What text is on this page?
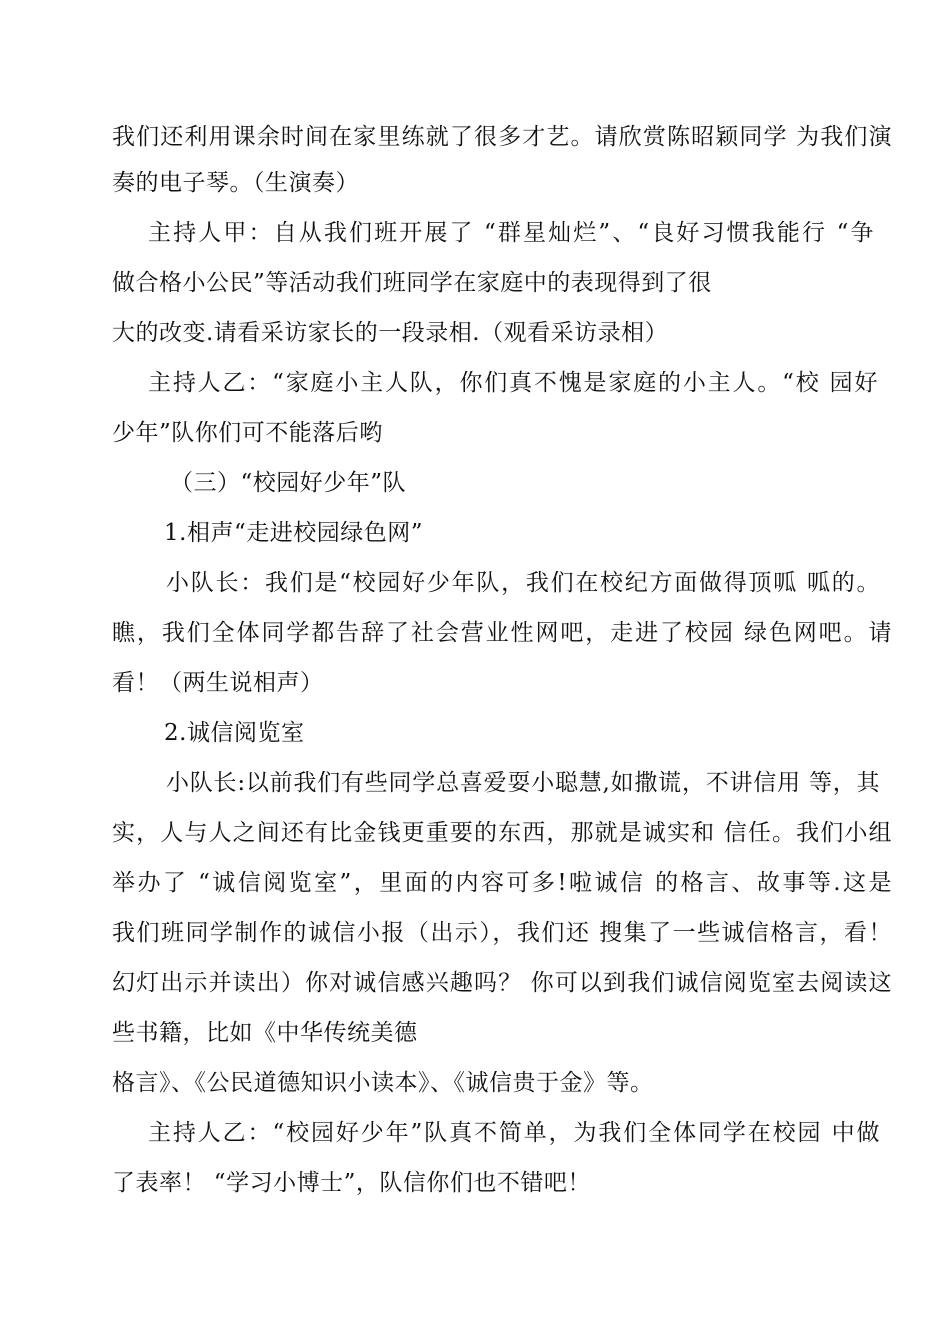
我们还利用课余时间在家里练就了很多才艺。请欣赏陈昭颖同学 为我们演
奏的电子琴。（生演奏）
主持人甲：自从我们班开展了 “群星灿烂”、“良好习惯我能行 “争
做合格小公民”等活动我们班同学在家庭中的表现得到了很
大的改变.请看采访家长的一段录相.（观看采访录相）
主持人乙：“家庭小主人队，你们真不愧是家庭的小主人。“校 园好
少年”队你们可不能落后哟
（三）“校园好少年”队
1.相声“走进校园绿色网”
小队长：我们是“校园好少年队，我们在校纪方面做得顶呱 呱的。
瞧，我们全体同学都告辞了社会营业性网吧，走进了校园 绿色网吧。请
看！（两生说相声）
2.诚信阅览室
小队长:以前我们有些同学总喜爱耍小聪慧,如撒谎，不讲信用 等，其
实，人与人之间还有比金钱更重要的东西，那就是诚实和 信任。我们小组
举办了 “诚信阅览室”，里面的内容可多!啦诚信 的格言、故事等.这是
我们班同学制作的诚信小报（出示），我们还 搜集了一些诚信格言，看！
幻灯出示并读出）你对诚信感兴趣吗？ 你可以到我们诚信阅览室去阅读这
些书籍，比如《中华传统美德
格言》、《公民道德知识小读本》、《诚信贵于金》等。
主持人乙：“校园好少年”队真不简单，为我们全体同学在校园 中做
了表率！ “学习小博士”，队信你们也不错吧！
